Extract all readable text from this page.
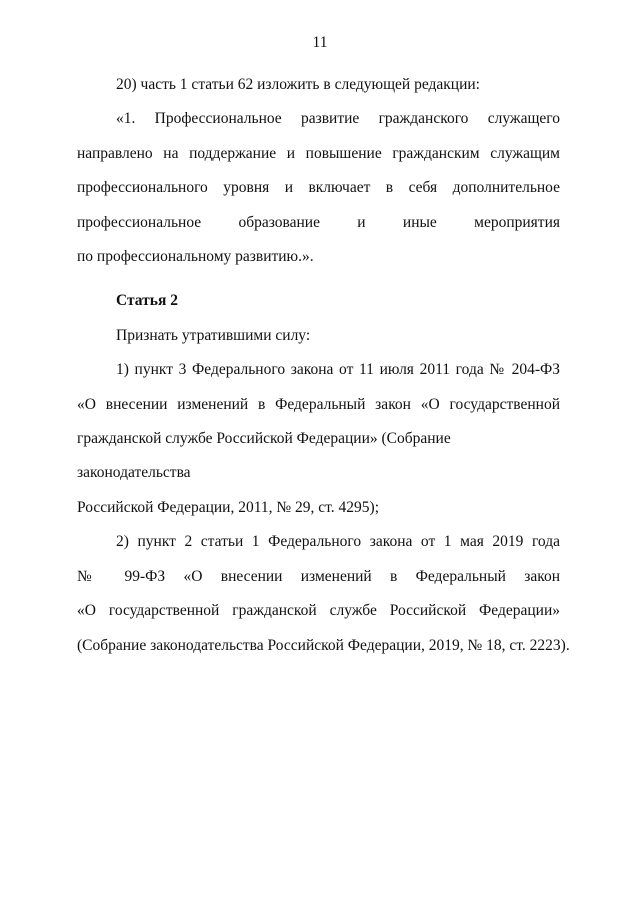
11

20) часть 1 статьи 62 изложить в следующей редакции:

«1. Профессиональное развитие гражданского служащего
направлено на поддержание и повышение гражданским служащим
профессионального уровня и включает в себя дополнительное
профессиональное образование и иные мероприятия
по профессиональному развитию.».

Статья 2

Признать утратившими силу:

1) пункт 3 Федерального закона от 11 июля 2011 года № 204-ФЗ
«О внесении изменений в Федеральный закон «О государственной
гражданской службе Российской Федерации» (Собрание законодательства
Российской Федерации, 2011, № 29, ст. 4295);
2) пункт 2 статьи 1 Федерального закона от 1 мая 2019 года
№ 99-ФЗ «О внесении изменений в Федеральный закон
«О государственной гражданской службе Российской Федерации»
(Собрание законодательства Российской Федерации, 2019, № 18, ст. 2223).
